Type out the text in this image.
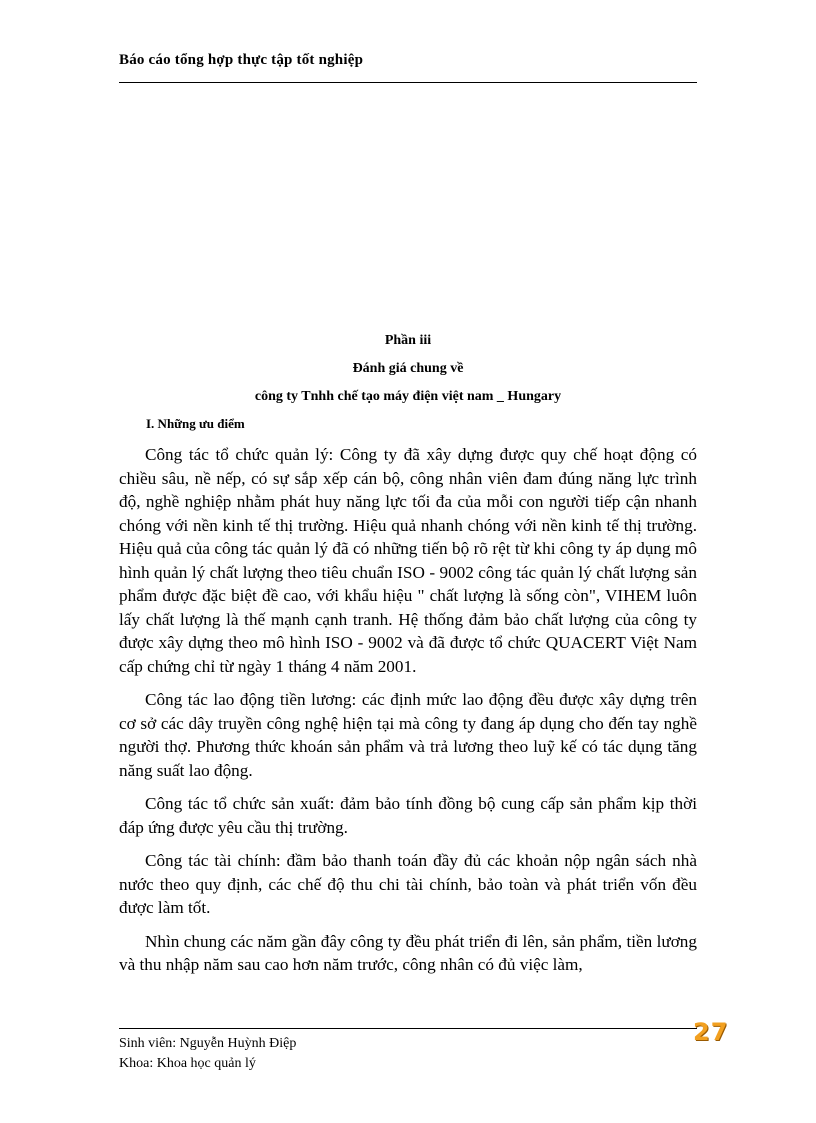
Báo cáo tổng hợp thực tập tốt nghiệp
Phần iii
Đánh giá chung về
công ty Tnhh chế tạo máy điện việt nam _ Hungary
I. Những ưu điểm

Công tác tổ chức quản lý: Công ty đã xây dựng được quy chế hoạt động có chiều sâu, nề nếp, có sự sắp xếp cán bộ, công nhân viên đam đúng năng lực trình độ, nghề nghiệp nhằm phát huy năng lực tối đa của mỗi con người tiếp cận nhanh chóng với nền kinh tế thị trường. Hiệu quả nhanh chóng với nền kinh tế thị trường. Hiệu quả của công tác quản lý đã có những tiến bộ rõ rệt từ khi công ty áp dụng mô hình quản lý chất lượng theo tiêu chuẩn ISO - 9002 công tác quản lý chất lượng sản phẩm được đặc biệt đề cao, với khẩu hiệu " chất lượng là sống còn", VIHEM luôn lấy chất lượng là thế mạnh cạnh tranh. Hệ thống đảm bảo chất lượng của công ty được xây dựng theo mô hình ISO - 9002 và đã được tổ chức QUACERT Việt Nam cấp chứng chỉ từ ngày 1 tháng 4 năm 2001.

Công tác lao động tiền lương: các định mức lao động đều được xây dựng trên cơ sở các dây truyền công nghệ hiện tại mà công ty đang áp dụng cho đến tay nghề người thợ. Phương thức khoán sản phẩm và trả lương theo luỹ kế có tác dụng tăng năng suất lao động.

Công tác tổ chức sản xuất: đảm bảo tính đồng bộ cung cấp sản phẩm kịp thời đáp ứng được yêu cầu thị trường.

Công tác tài chính: đầm bảo thanh toán đầy đủ các khoản nộp ngân sách nhà nước theo quy định, các chế độ thu chi tài chính, bảo toàn và phát triển vốn đều được làm tốt.

Nhìn chung các năm gần đây công ty đều phát triển đi lên, sản phẩm, tiền lương và thu nhập năm sau cao hơn năm trước, công nhân có đủ việc làm,

27
Sinh viên: Nguyễn Huỳnh Điệp
Khoa: Khoa học quản lý
